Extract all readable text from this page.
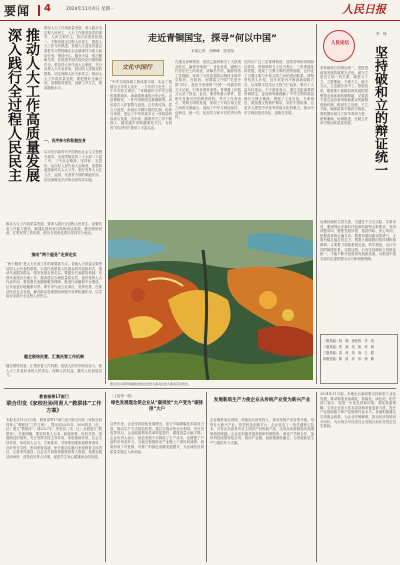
要闻 4	2024年11月4日 星期一	人民日报
推动人大工作高质量发展
深入践行全过程人民民主	推动人大工作高质量发展，深入践行全过程人民民主，人大工作要坚持党的领导、人民当家作主、依法治国有机统一，不断发展全过程人民民主，推进人大工作与时俱进。各级人大及其常委会要把学习贯彻落实全会精神作为重大政治任务，围绕中心、服务大局，依法履职尽责，在推进中国式现代化中展现新作为。要坚持人民代表大会制度，充分发挥人大代表作用，密切同人民群众的联系，切实保障人民当家作主。推动人大工作高质量发展，要把握好正确方向，加强制度建设，创新工作方式，提高履职水平。
一、有序参与和积极投身
以习近平新时代中国特色社会主义思想为指导，全面贯彻党的二十大和二十届二中、三中全会精神，坚持好、完善好、运行好人民代表大会制度，加强和改进新时代人大工作，更好发挥人大在立法、监督、代表等方面的职能作用，切实保障宪法法律全面有效实施。
推动人大工作高质量发展，要深入践行全过程人民民主，加强代表工作能力建设，畅通社情民意反映和表达渠道，健全吸纳民意、汇集民智工作机制，使各方面意见建议得到充分表达。
推动“两个服务”走深走实
“两个服务”是人大代表工作的重要着力点。各级人大常委会要密切同人大代表的联系，丰富代表联系人民群众的内容和形式，推动代表服务群众、服务发展走深走实。要健全代表联络机制，完善代表建议办理工作，提高建议办理质量和实效，更好发挥人大代表作用。要加强代表履职服务保障，推进代表履职平台建设，让代表更好地履职尽责。要引导代表立足岗位、发挥优势，在推动经济社会发展、解决群众急难愁盼问题中发挥积极作用，以实际行动践行全过程人民民主。
健全联络民意、汇集民智工作机制
健全联络民意、汇集民智工作机制，拓展人民有序政治参与，使人大工作更好体现人民意志、保障人民权益、激发人民创造活力。
走近青铜国宝，探寻“何以中国”
本报记者　刘峰峰　张晋阳
文化中国行
“中华文明探源工程成果丰硕，实证了我国百万年的人类史、一万年的文化史、五千多年的文明史。”青铜器作为中华文明的重要载体，承载着厚重的历史记忆。走进博物馆，一件件青铜国宝静静陈列，诉说着古人的智慧与创造。它们的纹饰、铭文与造型，折射出早期中国的礼制、信仰与审美，见证了中华民族多元一体格局的形成与发展。近年来，随着考古工作不断深入，越来越多青铜器重见天日，为回答“何以中国”提供了丰富实证。
在湖北省博物馆，曾侯乙编钟吸引了大批观众驻足。编钟音域宽广、音色优美，堪称古代音乐史上的奇迹。讲解员介绍，编钟铸造工艺精湛，体现了当时高超的冶铸技术和声学知识。在陕西，何尊铭文中的“宅兹中国”四字，是迄今发现的“中国”一词最早的文字记载，引发参观者深思。青铜器上的铭文记录了祭祀、征伐、册命等重大事件，是研究先秦历史的珍贵资料。考古工作者表示，青铜文明的发展，体现了不同区域文化之间的交流融合，展现了中华文明连续性、创新性、统一性、包容性与和平性的突出特性。
在四川广汉三星堆博物馆，造型奇特的青铜纵目面具、青铜神树令人叹为观止。三星堆遗址的发掘，展现了古蜀文明的独特面貌，也印证了古蜀文明与中原文明之间的密切联系。博物馆负责人介绍，近年来馆内不断创新展陈方式，运用数字技术让文物“活”起来，吸引了大量年轻观众。不少游客表示，通过近距离观看青铜国宝，更加深刻地理解了中华文明的源远流长与博大精深，增强了文化自信。专家指出，要加强文物保护利用，讲好中国故事，让更多人感受中华优秀传统文化的魅力，推动中华文明创造性转化、创新性发展。
图为四川省阿坝藏族羌族自治州九寨沟县的九寨沟景区秋色。
人民论坛
坚持破和立的辩证统一
李　峥
坚持破和立的辩证统一，是推进改革发展的重要方法论。破与立是对立统一的关系，破是为了立，立需要破。不破不立，破字当头，立也就在其中了。推进改革，既要敢于破除妨碍发展的思想观念和体制机制弊端，又要善于建立适应新形势新要求的新制度新机制，做到先立后破、不立不破，确保改革平稳有序推进。要把握好破与立的节奏和力度，统筹兼顾、协调推进，在破立并举中推动高质量发展。
处理好破和立的关系，关键在于立足实际、实事求是。要深刻认识新时代改革的新特点新要求，坚持问题导向，聚焦发展所需、基层所盼、民心所向，把握改革的正确方向。既要有敢闯敢试的勇气，又要有稳扎稳打的定力；既要大胆破除旧的体制机制障碍，又要着力构建系统完备、科学规范、运行有效的制度体系。实践证明，只有坚持破和立的辩证统一，才能不断开创改革发展新局面，为推进中国式现代化提供强大动力和制度保障。
一版责编：杨　颖　徐佳锐　齐　昊
二版责编：张　斌　吴　凯　李　颖
三版责编：周　萍　刘　涛　王　昭
四版责编：陈　凯　孙　伟　徐　鹏
教育部等17部门
联合印发《家校社协同育人“教联体”工作方案》
本报北京11月3日电　教育部等17部门近日联合印发《家校社协同育人“教联体”工作方案》，提出到2025年，50%的县（市、区）建立“教联体”；到2027年，所有县（市、区）全面建立“教联体”。方案明确，要坚持育人为本、政府统筹、协同共育、因地制宜的原则，充分发挥学校主导作用、家庭基础作用、社会支持作用，形成育人合力。方案要求，学校要加强家庭教育指导，办好家长学校，密切家校沟通；家长要切实履行家庭教育主体责任，注重家风建设；社会各方面要积极提供育人资源，拓展实践活动场所，营造良好育人环境，促进学生身心健康和全面发展。
（上接第一版）
绿色发展理念使企业从“碳排放”大户变为“碳排排”大户
这些年来，企业坚持绿色发展理念，加大节能降碳技术改造力度，推动生产方式绿色转型。通过实施余热余压利用、光伏发电等项目，企业能源利用效率明显提升，碳排放量大幅下降。企业负责人表示，绿色发展不仅降低了生产成本，也增强了产品的市场竞争力。当地还积极推动产业链上下游协同减排，探索形成了可复制、可推广的绿色低碳发展模式，为区域经济高质量发展注入新动能。
发展新质生产力使企业从传统产业变为新兴产业
企业瞄准前沿领域，持续加大研发投入，推动传统产业转型升级，培育壮大新兴产业。依托科技创新平台，企业攻克了一批关键核心技术，开发出多款具有自主知识产权的新产品，实现从传统制造向高端制造的跨越。企业还积极对接高校和科研院所，深化产学研合作，加快科技成果转化应用，推动产业链、创新链深度融合，为发展新质生产力提供有力支撑。
2024年11月起，多地出台新政策支持新型工业化发展，推动制造业高端化、智能化、绿色化。相关部门表示，将进一步优化营商环境，强化要素保障，支持企业加大技术改造和设备更新力度，提升产业基础能力和产业链现代化水平。各地积极落实各项惠企政策，为企业纾困解难，推动经济持续回升向好，为实现全年经济社会发展目标任务奠定坚实基础。
